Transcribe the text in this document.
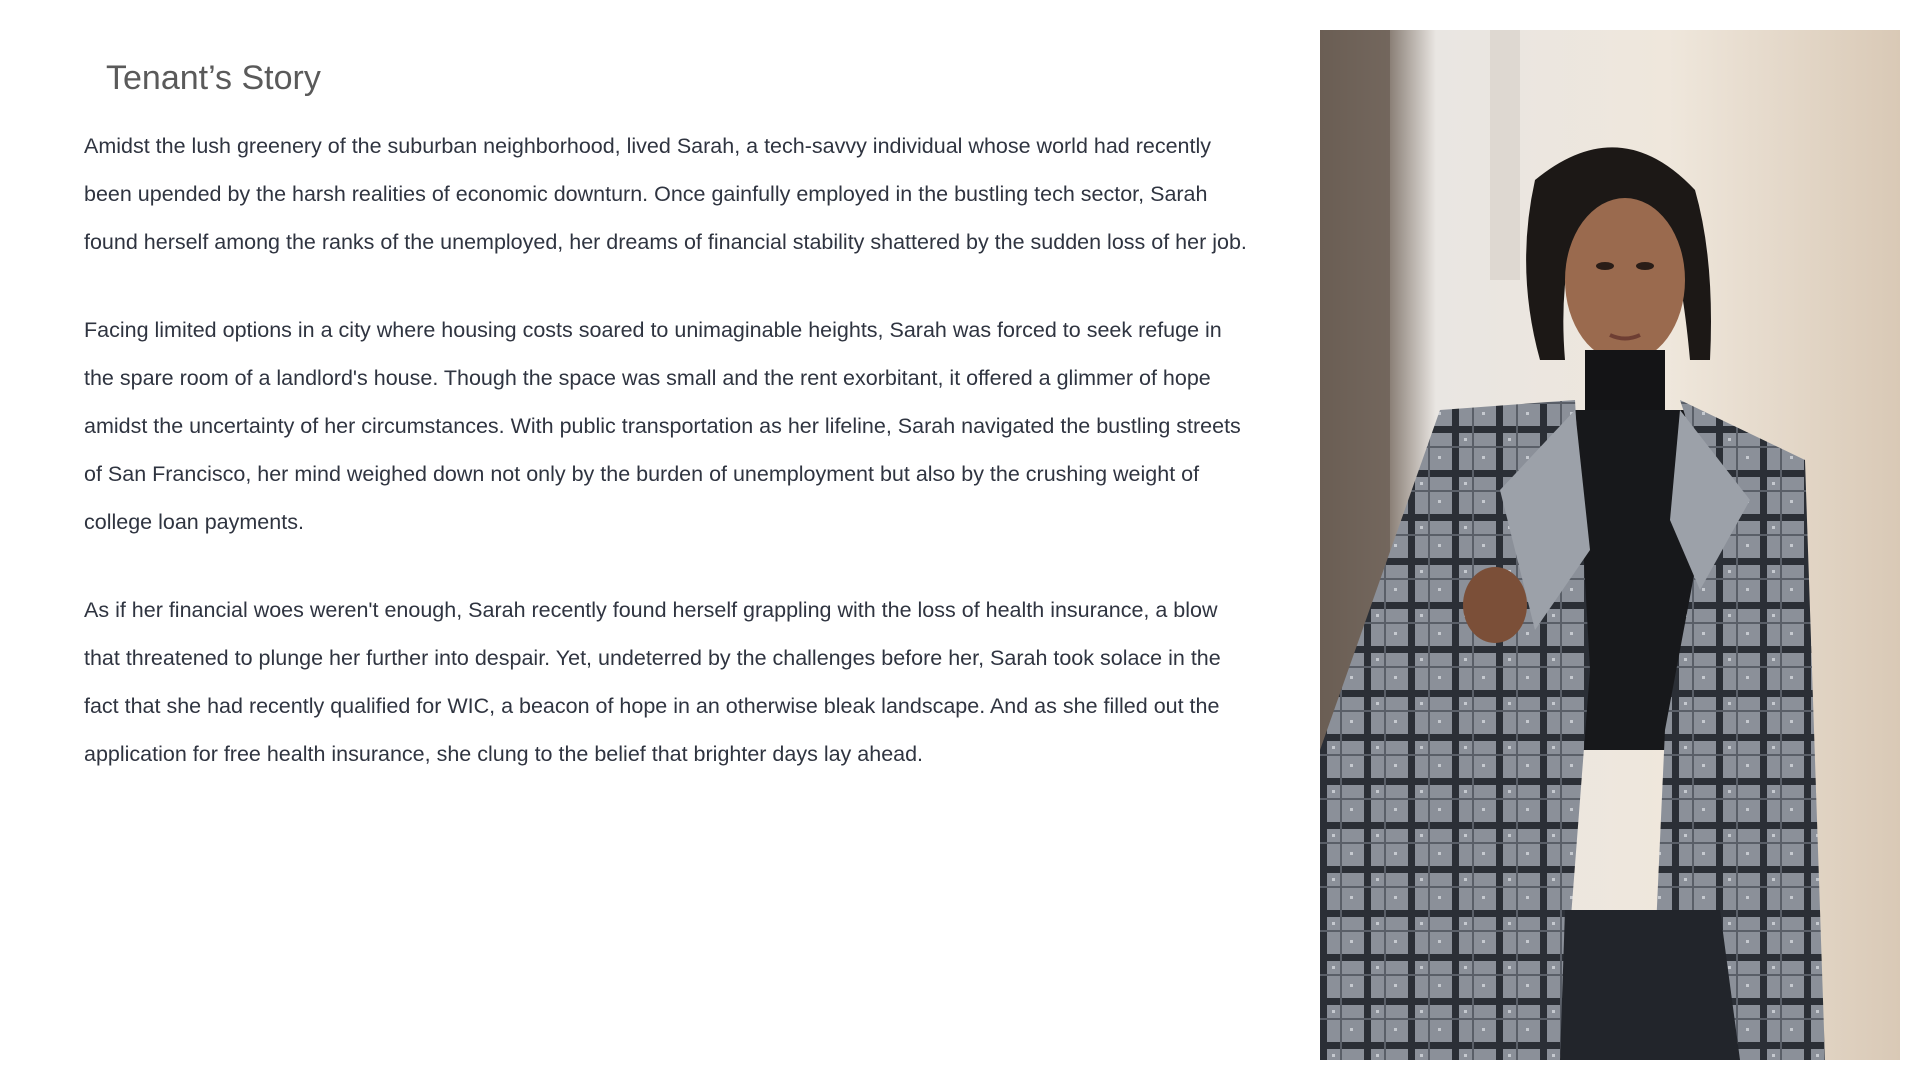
Tenant’s Story

Amidst the lush greenery of the suburban neighborhood, lived Sarah, a tech-savvy individual whose world had recently been upended by the harsh realities of economic downturn. Once gainfully employed in the bustling tech sector, Sarah found herself among the ranks of the unemployed, her dreams of financial stability shattered by the sudden loss of her job.

Facing limited options in a city where housing costs soared to unimaginable heights, Sarah was forced to seek refuge in the spare room of a landlord's house. Though the space was small and the rent exorbitant, it offered a glimmer of hope amidst the uncertainty of her circumstances. With public transportation as her lifeline, Sarah navigated the bustling streets of San Francisco, her mind weighed down not only by the burden of unemployment but also by the crushing weight of college loan payments.

As if her financial woes weren't enough, Sarah recently found herself grappling with the loss of health insurance, a blow that threatened to plunge her further into despair. Yet, undeterred by the challenges before her, Sarah took solace in the fact that she had recently qualified for WIC, a beacon of hope in an otherwise bleak landscape. And as she filled out the application for free health insurance, she clung to the belief that brighter days lay ahead.
